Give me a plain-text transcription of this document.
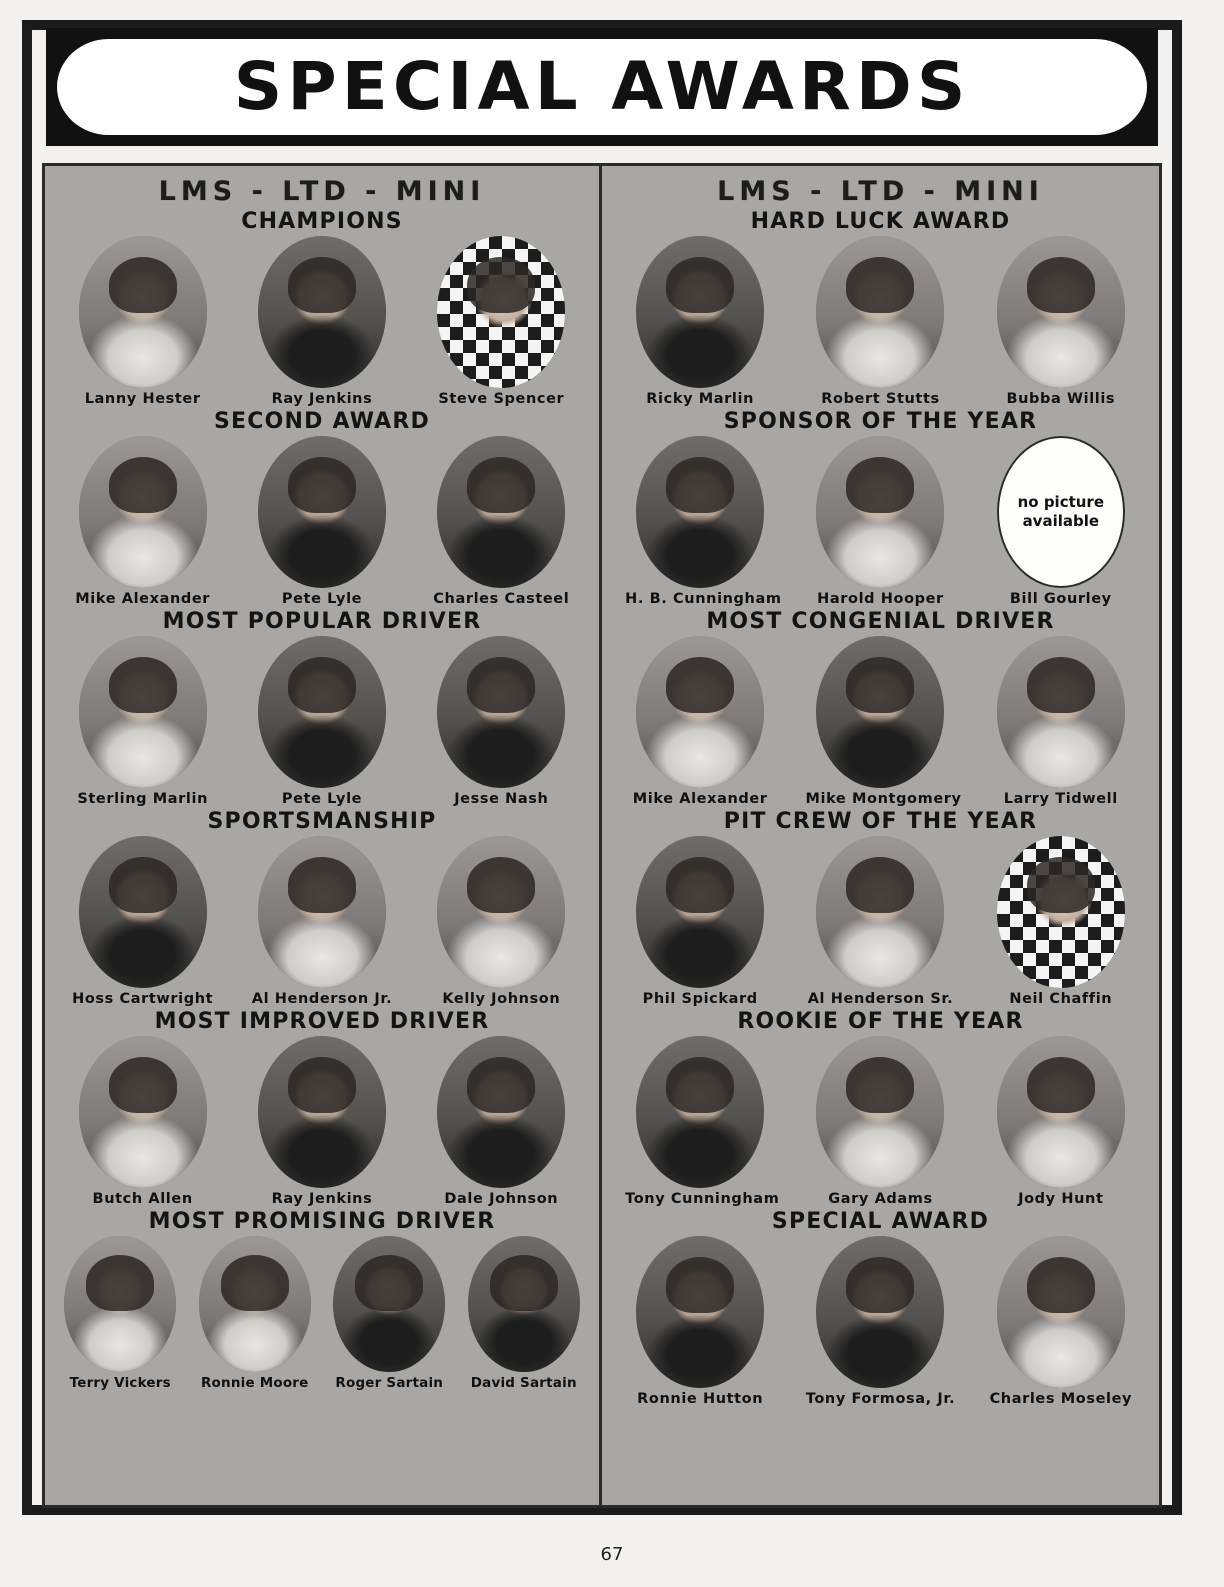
SPECIAL AWARDS
LMS - LTD - MINI
CHAMPIONS
Lanny Hester	Ray Jenkins	Steve Spencer
SECOND AWARD
Mike Alexander	Pete Lyle	Charles Casteel
MOST POPULAR DRIVER
Sterling Marlin	Pete Lyle	Jesse Nash
SPORTSMANSHIP
Hoss Cartwright	Al Henderson Jr.	Kelly Johnson
MOST IMPROVED DRIVER
Butch Allen	Ray Jenkins	Dale Johnson
MOST PROMISING DRIVER
Terry Vickers	Ronnie Moore	Roger Sartain	David Sartain
LMS - LTD - MINI
HARD LUCK AWARD
Ricky Marlin	Robert Stutts	Bubba Willis
SPONSOR OF THE YEAR
H. B. Cunningham	Harold Hooper
no picture available
Bill Gourley
MOST CONGENIAL DRIVER
Mike Alexander	Mike Montgomery	Larry Tidwell
PIT CREW OF THE YEAR
Phil Spickard	Al Henderson Sr.	Neil Chaffin
ROOKIE OF THE YEAR
Tony Cunningham	Gary Adams	Jody Hunt
SPECIAL AWARD
Ronnie Hutton	Tony Formosa, Jr. Charles Moseley
67
